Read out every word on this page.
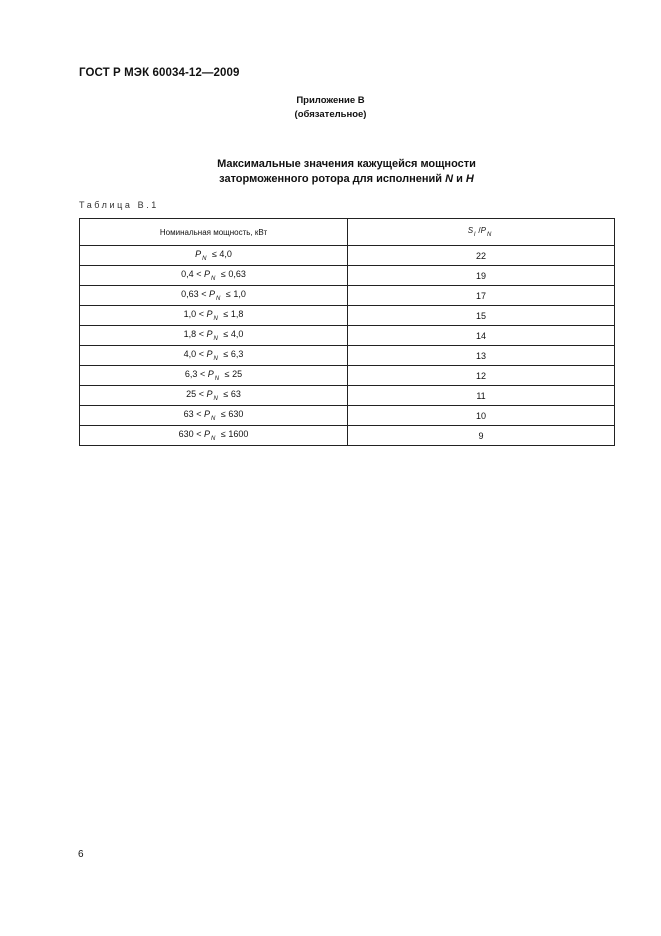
ГОСТ Р МЭК 60034-12—2009
Приложение В
(обязательное)
Максимальные значения кажущейся мощности
заторможенного ротора для исполнений N и H
Таблица В.1
Номинальная мощность, кВт	$S_l$ $/P_N$
$P_N \le 4,0$	22
$0,4 < P_N \le 0,63$	19
$0,63 < P_N \le 1,0$	17
$1,0 < P_N \le 1,8$	15
$1,8 < P_N \le 4,0$	14
$4,0 < P_N \le 6,3$	13
$6,3 < P_N \le 25$	12
$25 < P_N \le 63$	11
$63 < P_N \le 630$	10
$630 < P_N \le 1600$	9
6
